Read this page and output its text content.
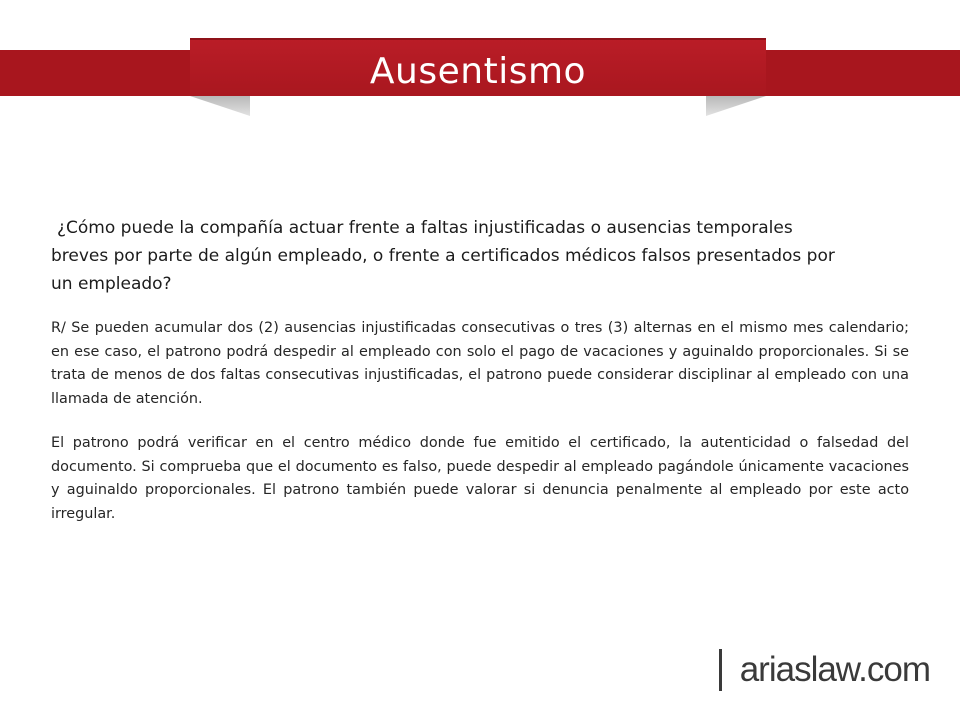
Ausentismo

¿Cómo puede la compañía actuar frente a faltas injustificadas o ausencias temporales breves por parte de algún empleado, o frente a certificados médicos falsos presentados por un empleado?

R/ Se pueden acumular dos (2) ausencias injustificadas consecutivas o tres (3) alternas en el mismo mes calendario; en ese caso, el patrono podrá despedir al empleado con solo el pago de vacaciones y aguinaldo proporcionales. Si se trata de menos de dos faltas consecutivas injustificadas, el patrono puede considerar disciplinar al empleado con una llamada de atención.

El patrono podrá verificar en el centro médico donde fue emitido el certificado, la autenticidad o falsedad del documento. Si comprueba que el documento es falso, puede despedir al empleado pagándole únicamente vacaciones y aguinaldo proporcionales. El patrono también puede valorar si denuncia penalmente al empleado por este acto irregular.

ariaslaw.com
